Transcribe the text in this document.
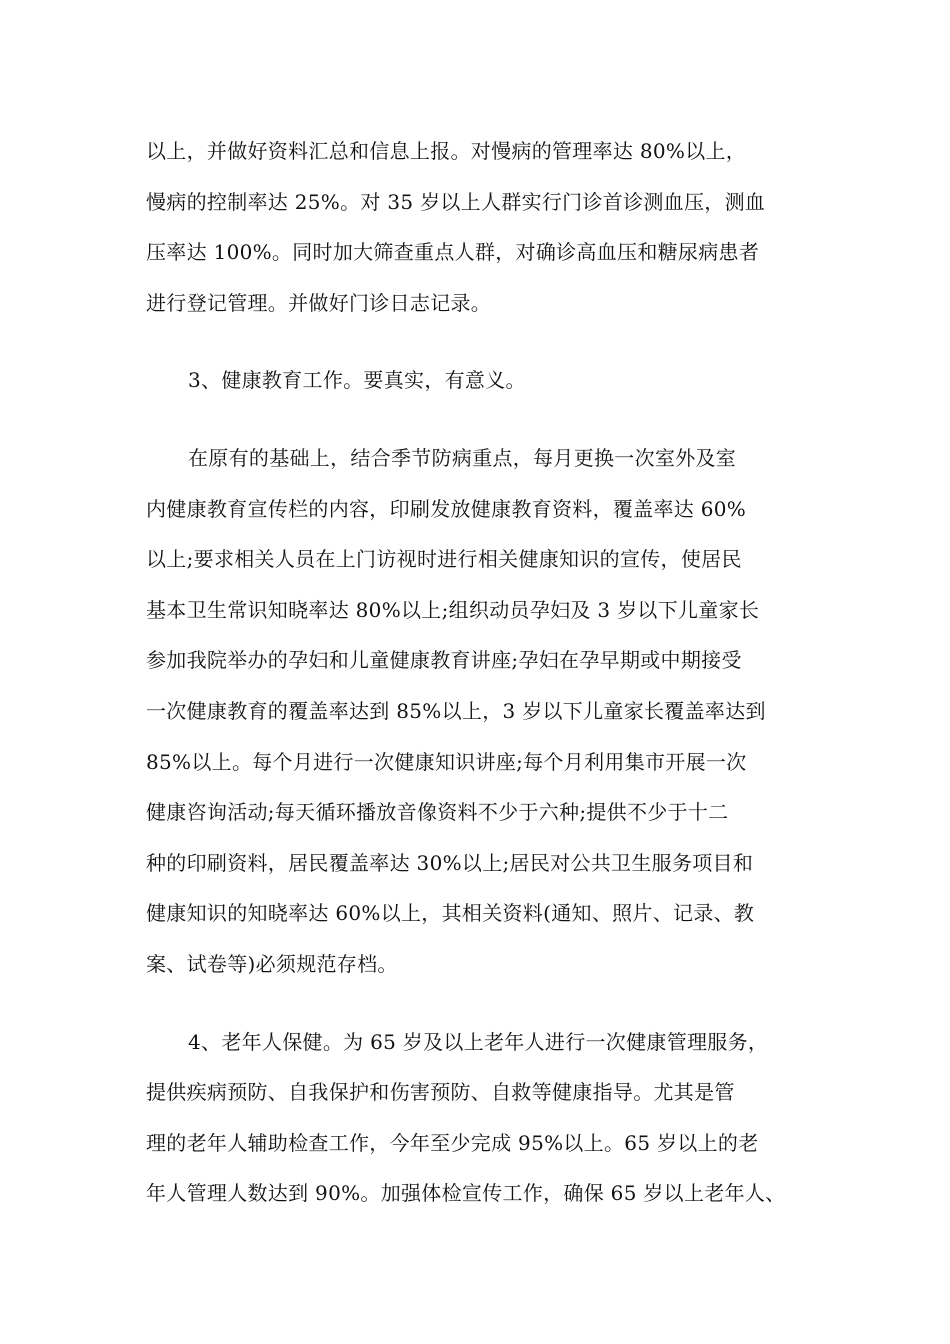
以上，并做好资料汇总和信息上报。对慢病的管理率达 80%以上，
慢病的控制率达 25%。对 35 岁以上人群实行门诊首诊测血压，测血
压率达 100%。同时加大筛查重点人群，对确诊高血压和糖尿病患者
进行登记管理。并做好门诊日志记录。
3、健康教育工作。要真实，有意义。
在原有的基础上，结合季节防病重点，每月更换一次室外及室
内健康教育宣传栏的内容，印刷发放健康教育资料，覆盖率达 60%
以上;要求相关人员在上门访视时进行相关健康知识的宣传，使居民
基本卫生常识知晓率达 80%以上;组织动员孕妇及 3 岁以下儿童家长
参加我院举办的孕妇和儿童健康教育讲座;孕妇在孕早期或中期接受
一次健康教育的覆盖率达到 85%以上，3 岁以下儿童家长覆盖率达到
85%以上。每个月进行一次健康知识讲座;每个月利用集市开展一次
健康咨询活动;每天循环播放音像资料不少于六种;提供不少于十二
种的印刷资料，居民覆盖率达 30%以上;居民对公共卫生服务项目和
健康知识的知晓率达 60%以上，其相关资料(通知、照片、记录、教
案、试卷等)必须规范存档。
4、老年人保健。为 65 岁及以上老年人进行一次健康管理服务，
提供疾病预防、自我保护和伤害预防、自救等健康指导。尤其是管
理的老年人辅助检查工作，今年至少完成 95%以上。65 岁以上的老
年人管理人数达到 90%。加强体检宣传工作，确保 65 岁以上老年人、
